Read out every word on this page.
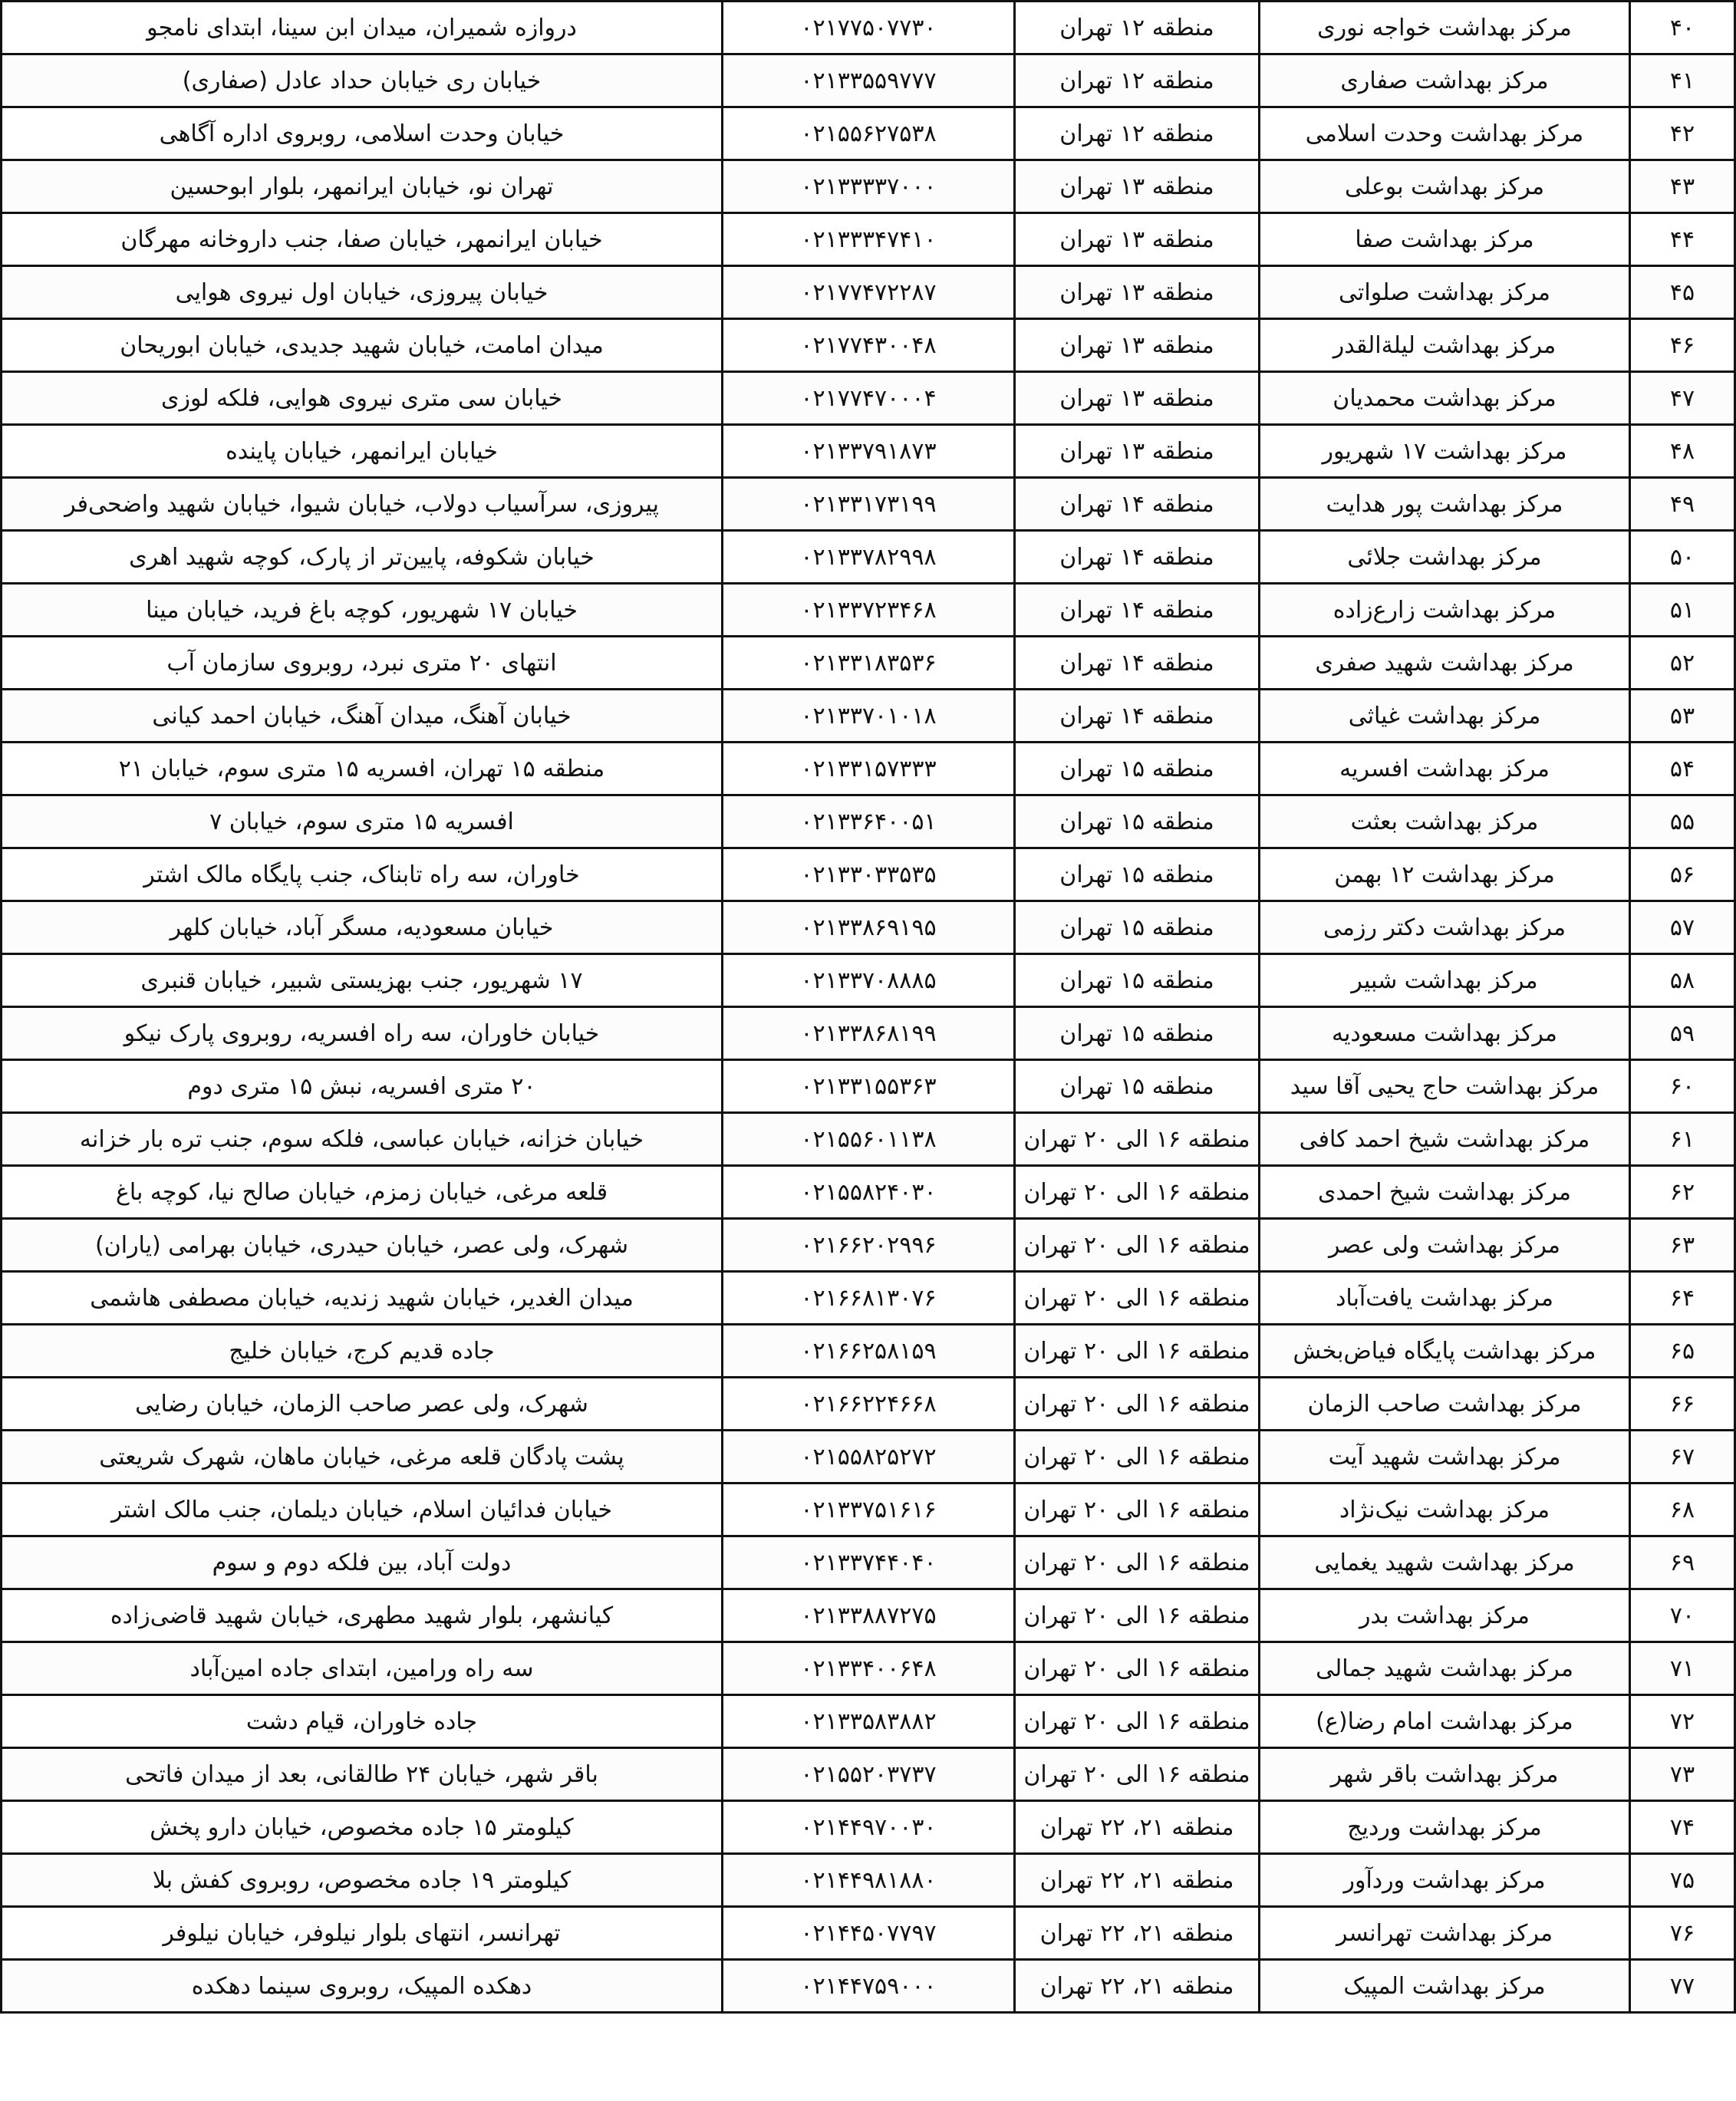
۴۰	مرکز بهداشت خواجه نوری	منطقه ۱۲ تهران	۰۲۱۷۷۵۰۷۷۳۰	دروازه شمیران، میدان ابن سینا، ابتدای نامجو
۴۱	مرکز بهداشت صفاری	منطقه ۱۲ تهران	۰۲۱۳۳۵۵۹۷۷۷	خیابان ری خیابان حداد عادل (صفاری)
۴۲	مرکز بهداشت وحدت اسلامی	منطقه ۱۲ تهران	۰۲۱۵۵۶۲۷۵۳۸	خیابان وحدت اسلامی، روبروی اداره آگاهی
۴۳	مرکز بهداشت بوعلی	منطقه ۱۳ تهران	۰۲۱۳۳۳۳۷۰۰۰	تهران نو، خیابان ایرانمهر، بلوار ابوحسین
۴۴	مرکز بهداشت صفا	منطقه ۱۳ تهران	۰۲۱۳۳۳۴۷۴۱۰	خیابان ایرانمهر، خیابان صفا، جنب داروخانه مهرگان
۴۵	مرکز بهداشت صلواتی	منطقه ۱۳ تهران	۰۲۱۷۷۴۷۲۲۸۷	خیابان پیروزی، خیابان اول نیروی هوایی
۴۶	مرکز بهداشت لیلةالقدر	منطقه ۱۳ تهران	۰۲۱۷۷۴۳۰۰۴۸	میدان امامت، خیابان شهید جدیدی، خیابان ابوریحان
۴۷	مرکز بهداشت محمدیان	منطقه ۱۳ تهران	۰۲۱۷۷۴۷۰۰۰۴	خیابان سی متری نیروی هوایی، فلکه لوزی
۴۸	مرکز بهداشت ۱۷ شهریور	منطقه ۱۳ تهران	۰۲۱۳۳۷۹۱۸۷۳	خیابان ایرانمهر، خیابان پاینده
۴۹	مرکز بهداشت پور هدایت	منطقه ۱۴ تهران	۰۲۱۳۳۱۷۳۱۹۹	پیروزی، سرآسیاب دولاب، خیابان شیوا، خیابان شهید واضحی‌فر
۵۰	مرکز بهداشت جلائی	منطقه ۱۴ تهران	۰۲۱۳۳۷۸۲۹۹۸	خیابان شکوفه، پایین‌تر از پارک، کوچه شهید اهری
۵۱	مرکز بهداشت زارع‌زاده	منطقه ۱۴ تهران	۰۲۱۳۳۷۲۳۴۶۸	خیابان ۱۷ شهریور، کوچه باغ فرید، خیابان مینا
۵۲	مرکز بهداشت شهید صفری	منطقه ۱۴ تهران	۰۲۱۳۳۱۸۳۵۳۶	انتهای ۲۰ متری نبرد، روبروی سازمان آب
۵۳	مرکز بهداشت غیاثی	منطقه ۱۴ تهران	۰۲۱۳۳۷۰۱۰۱۸	خیابان آهنگ، میدان آهنگ، خیابان احمد کیانی
۵۴	مرکز بهداشت افسریه	منطقه ۱۵ تهران	۰۲۱۳۳۱۵۷۳۳۳	منطقه ۱۵ تهران، افسریه ۱۵ متری سوم، خیابان ۲۱
۵۵	مرکز بهداشت بعثت	منطقه ۱۵ تهران	۰۲۱۳۳۶۴۰۰۵۱	افسریه ۱۵ متری سوم، خیابان ۷
۵۶	مرکز بهداشت ۱۲ بهمن	منطقه ۱۵ تهران	۰۲۱۳۳۰۳۳۵۳۵	خاوران، سه راه تابناک، جنب پایگاه مالک اشتر
۵۷	مرکز بهداشت دکتر رزمی	منطقه ۱۵ تهران	۰۲۱۳۳۸۶۹۱۹۵	خیابان مسعودیه، مسگر آباد، خیابان کلهر
۵۸	مرکز بهداشت شبیر	منطقه ۱۵ تهران	۰۲۱۳۳۷۰۸۸۸۵	۱۷ شهریور، جنب بهزیستی شبیر، خیابان قنبری
۵۹	مرکز بهداشت مسعودیه	منطقه ۱۵ تهران	۰۲۱۳۳۸۶۸۱۹۹	خیابان خاوران، سه راه افسریه، روبروی پارک نیکو
۶۰	مرکز بهداشت حاج یحیی آقا سید	منطقه ۱۵ تهران	۰۲۱۳۳۱۵۵۳۶۳	۲۰ متری افسریه، نبش ۱۵ متری دوم
۶۱	مرکز بهداشت شیخ احمد کافی	منطقه ۱۶ الی ۲۰ تهران	۰۲۱۵۵۶۰۱۱۳۸	خیابان خزانه، خیابان عباسی، فلکه سوم، جنب تره بار خزانه
۶۲	مرکز بهداشت شیخ احمدی	منطقه ۱۶ الی ۲۰ تهران	۰۲۱۵۵۸۲۴۰۳۰	قلعه مرغی، خیابان زمزم، خیابان صالح نیا، کوچه باغ
۶۳	مرکز بهداشت ولی عصر	منطقه ۱۶ الی ۲۰ تهران	۰۲۱۶۶۲۰۲۹۹۶	شهرک، ولی عصر، خیابان حیدری، خیابان بهرامی (یاران)
۶۴	مرکز بهداشت یافت‌آباد	منطقه ۱۶ الی ۲۰ تهران	۰۲۱۶۶۸۱۳۰۷۶	میدان الغدیر، خیابان شهید زندیه، خیابان مصطفی هاشمی
۶۵	مرکز بهداشت پایگاه فیاض‌بخش	منطقه ۱۶ الی ۲۰ تهران	۰۲۱۶۶۲۵۸۱۵۹	جاده قدیم کرج، خیابان خلیج
۶۶	مرکز بهداشت صاحب الزمان	منطقه ۱۶ الی ۲۰ تهران	۰۲۱۶۶۲۲۴۶۶۸	شهرک، ولی عصر صاحب الزمان، خیابان رضایی
۶۷	مرکز بهداشت شهید آیت	منطقه ۱۶ الی ۲۰ تهران	۰۲۱۵۵۸۲۵۲۷۲	پشت پادگان قلعه مرغی، خیابان ماهان، شهرک شریعتی
۶۸	مرکز بهداشت نیک‌نژاد	منطقه ۱۶ الی ۲۰ تهران	۰۲۱۳۳۷۵۱۶۱۶	خیابان فدائیان اسلام، خیابان دیلمان، جنب مالک اشتر
۶۹	مرکز بهداشت شهید یغمایی	منطقه ۱۶ الی ۲۰ تهران	۰۲۱۳۳۷۴۴۰۴۰	دولت آباد، بین فلکه دوم و سوم
۷۰	مرکز بهداشت بدر	منطقه ۱۶ الی ۲۰ تهران	۰۲۱۳۳۸۸۷۲۷۵	کیانشهر، بلوار شهید مطهری، خیابان شهید قاضی‌زاده
۷۱	مرکز بهداشت شهید جمالی	منطقه ۱۶ الی ۲۰ تهران	۰۲۱۳۳۴۰۰۶۴۸	سه راه ورامین، ابتدای جاده امین‌آباد
۷۲	مرکز بهداشت امام رضا(ع)	منطقه ۱۶ الی ۲۰ تهران	۰۲۱۳۳۵۸۳۸۸۲	جاده خاوران، قیام دشت
۷۳	مرکز بهداشت باقر شهر	منطقه ۱۶ الی ۲۰ تهران	۰۲۱۵۵۲۰۳۷۳۷	باقر شهر، خیابان ۲۴ طالقانی، بعد از میدان فاتحی
۷۴	مرکز بهداشت وردیج	منطقه ۲۱، ۲۲ تهران	۰۲۱۴۴۹۷۰۰۳۰	کیلومتر ۱۵ جاده مخصوص، خیابان دارو پخش
۷۵	مرکز بهداشت وردآور	منطقه ۲۱، ۲۲ تهران	۰۲۱۴۴۹۸۱۸۸۰	کیلومتر ۱۹ جاده مخصوص، روبروی کفش بلا
۷۶	مرکز بهداشت تهرانسر	منطقه ۲۱، ۲۲ تهران	۰۲۱۴۴۵۰۷۷۹۷	تهرانسر، انتهای بلوار نیلوفر، خیابان نیلوفر
۷۷	مرکز بهداشت المپیک	منطقه ۲۱، ۲۲ تهران	۰۲۱۴۴۷۵۹۰۰۰	دهکده المپیک، روبروی سینما دهکده
